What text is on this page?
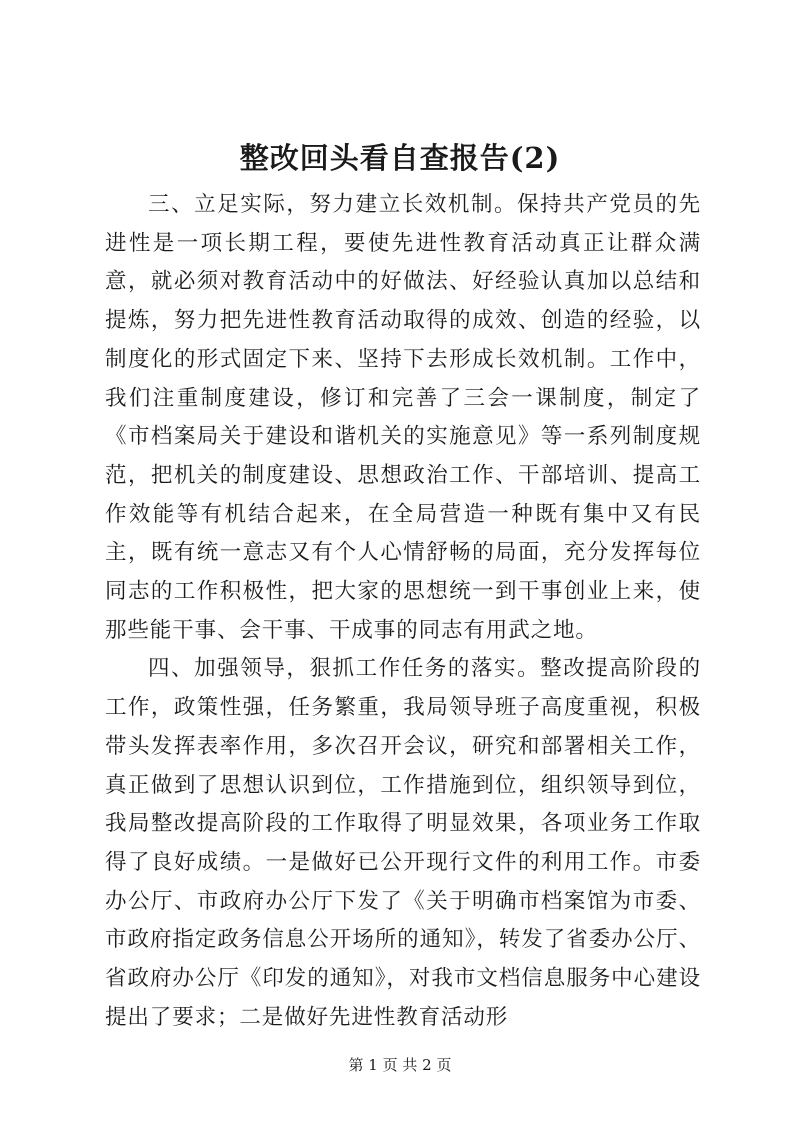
整改回头看自查报告(2)

三、立足实际，努力建立长效机制。保持共产党员的先进性是一项长期工程，要使先进性教育活动真正让群众满意，就必须对教育活动中的好做法、好经验认真加以总结和提炼，努力把先进性教育活动取得的成效、创造的经验，以制度化的形式固定下来、坚持下去形成长效机制。工作中，我们注重制度建设，修订和完善了三会一课制度，制定了《市档案局关于建设和谐机关的实施意见》等一系列制度规范，把机关的制度建设、思想政治工作、干部培训、提高工作效能等有机结合起来，在全局营造一种既有集中又有民主，既有统一意志又有个人心情舒畅的局面，充分发挥每位同志的工作积极性，把大家的思想统一到干事创业上来，使那些能干事、会干事、干成事的同志有用武之地。

四、加强领导，狠抓工作任务的落实。整改提高阶段的工作，政策性强，任务繁重，我局领导班子高度重视，积极带头发挥表率作用，多次召开会议，研究和部署相关工作，真正做到了思想认识到位，工作措施到位，组织领导到位，我局整改提高阶段的工作取得了明显效果，各项业务工作取得了良好成绩。一是做好已公开现行文件的利用工作。市委办公厅、市政府办公厅下发了《关于明确市档案馆为市委、市政府指定政务信息公开场所的通知》，转发了省委办公厅、省政府办公厅《印发的通知》，对我市文档信息服务中心建设提出了要求；二是做好先进性教育活动形

第 1 页 共 2 页
